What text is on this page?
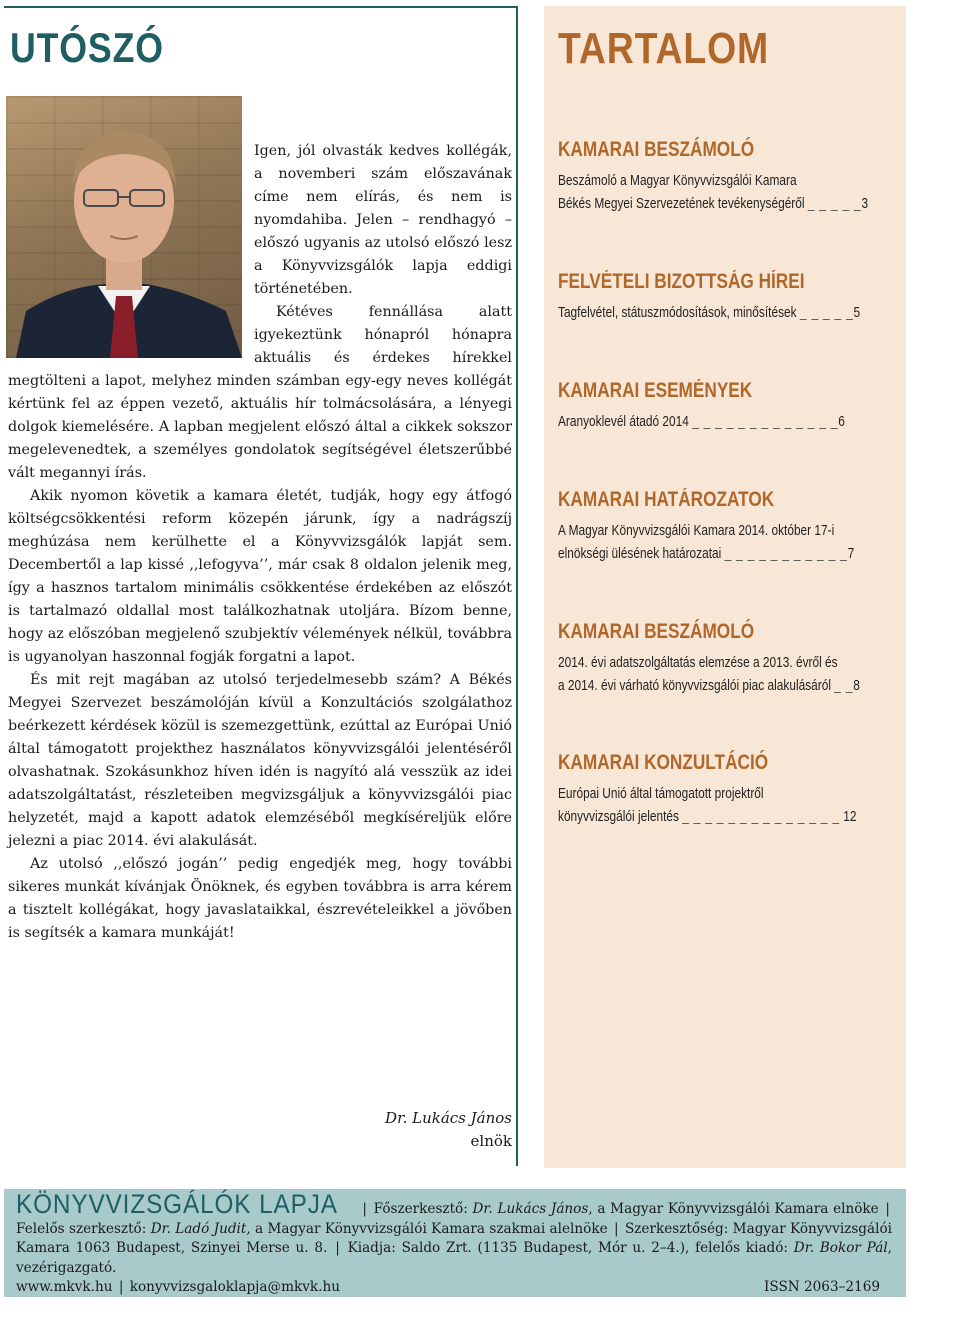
UTÓSZÓ

Igen, jól olvasták kedves kollégák, a novemberi szám előszavának címe nem elírás, és nem is nyomdahiba. Jelen – rendhagyó – előszó ugyanis az utolsó előszó lesz a Könyvvizsgálók lapja eddigi történetében.

Kétéves fennállása alatt igyekeztünk hónapról hónapra aktuális és érdekes hírekkel megtölteni a lapot, melyhez minden számban egy-egy neves kollégát kértünk fel az éppen vezető, aktuális hír tolmácsolására, a lényegi dolgok kiemelésére. A lapban megjelent előszó által a cikkek sokszor megelevenedtek, a személyes gondolatok segítségével életszerűbbé vált megannyi írás.

Akik nyomon követik a kamara életét, tudják, hogy egy átfogó költségcsökkentési reform közepén járunk, így a nadrágszíj meghúzása nem kerülhette el a Könyvvizsgálók lapját sem. Decembertől a lap kissé ,,lefogyva’’, már csak 8 oldalon jelenik meg, így a hasznos tartalom minimális csökkentése érdekében az előszót is tartalmazó oldallal most találkozhatnak utoljára. Bízom benne, hogy az előszóban megjelenő szubjektív vélemények nélkül, továbbra is ugyanolyan haszonnal fogják forgatni a lapot.

És mit rejt magában az utolsó terjedelmesebb szám? A Békés Megyei Szervezet beszámolóján kívül a Konzultációs szolgálathoz beérkezett kérdések közül is szemezgettünk, ezúttal az Európai Unió által támogatott projekthez használatos könyvvizsgálói jelentéséről olvashatnak. Szokásunkhoz híven idén is nagyító alá vesszük az idei adatszolgáltatást, részleteiben megvizsgáljuk a könyvvizsgálói piac helyzetét, majd a kapott adatok elemzéséből megkíséreljük előre jelezni a piac 2014. évi alakulását.

Az utolsó ,,előszó jogán’’ pedig engedjék meg, hogy további sikeres munkát kívánjak Önöknek, és egyben továbbra is arra kérem a tisztelt kollégákat, hogy javaslataikkal, észrevételeikkel a jövőben is segítsék a kamara munkáját!

Dr. Lukács János
elnök
TARTALOM
KAMARAI BESZÁMOLÓ
Beszámoló a Magyar Könyvvizsgálói Kamara
Békés Megyei Szervezetének tevékenységéről _ _ _ _ _3
FELVÉTELI BIZOTTSÁG HÍREI
Tagfelvétel, státuszmódosítások, minősítések _ _ _ _ _5
KAMARAI ESEMÉNYEK
Aranyoklevél átadó 2014 _ _ _ _ _ _ _ _ _ _ _ _ _6
KAMARAI HATÁROZATOK
A Magyar Könyvvizsgálói Kamara 2014. október 17-i
elnökségi ülésének határozatai _ _ _ _ _ _ _ _ _ _ _7
KAMARAI BESZÁMOLÓ
2014. évi adatszolgáltatás elemzése a 2013. évről és
a 2014. évi várható könyvvizsgálói piac alakulásáról _ _8
KAMARAI KONZULTÁCIÓ
Európai Unió által támogatott projektről
könyvvizsgálói jelentés _ _ _ _ _ _ _ _ _ _ _ _ _ _ 12
KÖNYVVIZSGÁLÓK LAPJA | Főszerkesztő: Dr. Lukács János, a Magyar Könyvvizsgálói Kamara elnöke | Felelős szerkesztő: Dr. Ladó Judit, a Magyar Könyvvizsgálói Kamara szakmai alelnöke | Szerkesztőség: Magyar Könyvvizsgálói Kamara 1063 Budapest, Szinyei Merse u. 8. | Kiadja: Saldo Zrt. (1135 Budapest, Mór u. 2–4.), felelős kiadó: Dr. Bokor Pál, vezérigazgató.
www.mkvk.hu | konyvvizsgaloklapja@mkvk.hu	ISSN 2063–2169
